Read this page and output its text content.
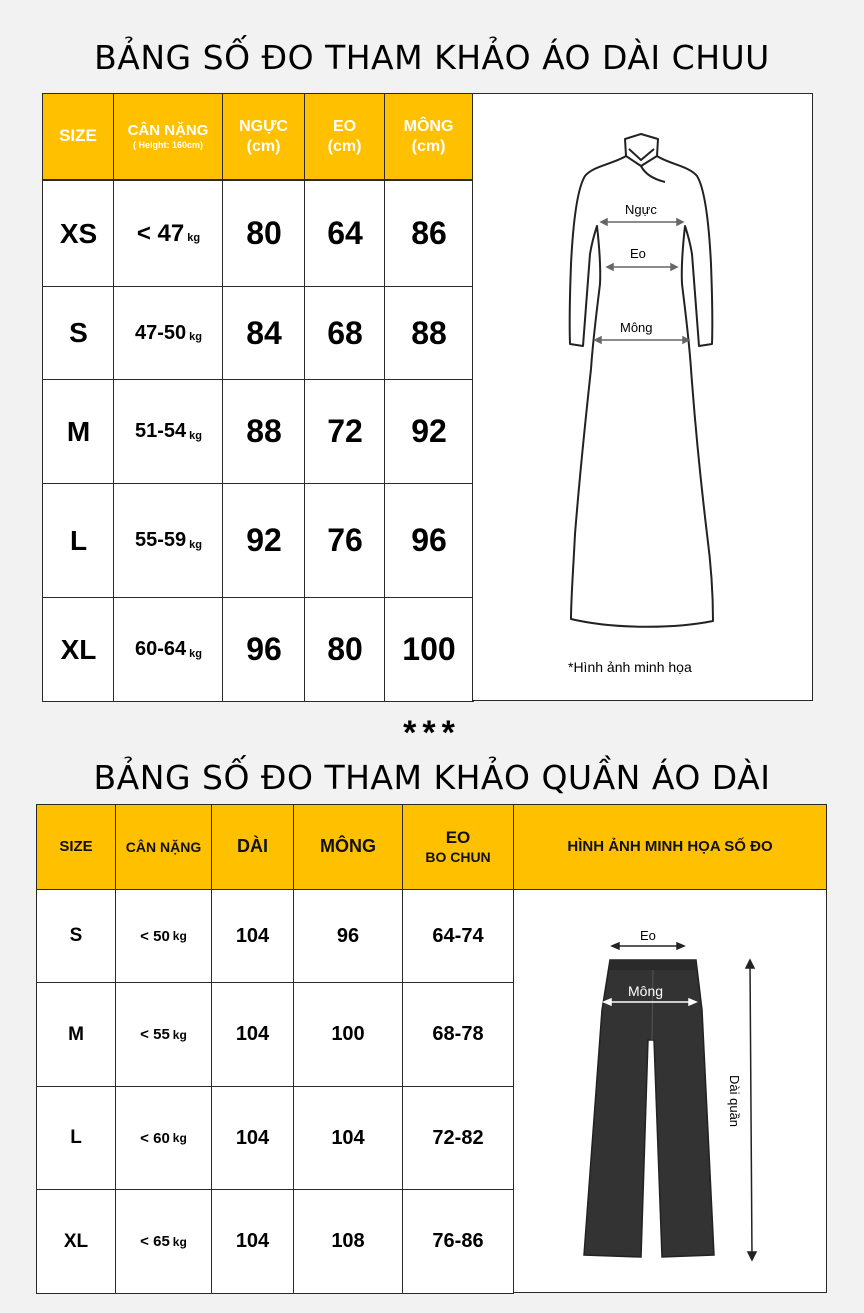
BẢNG SỐ ĐO THAM KHẢO ÁO DÀI CHUU
SIZE CÂN NẶNG
( Height: 160cm)
NGỰC
(cm)
EO
(cm)
MÔNG
(cm)
XS < 47 kg 80 64 86
S 47-50 kg 84 68 88
M 51-54 kg 88 72 92
L 55-59 kg 92 76 96
XL 60-64 kg 96 80 100
Ngực
Eo
Mông
*Hình ảnh minh họa
***
BẢNG SỐ ĐO THAM KHẢO QUẦN ÁO DÀI
SIZE CÂN NẶNG DÀI	MÔNG	EO
BO CHUN
HÌNH ẢNH MINH HỌA SỐ ĐO
S	< 50 kg 104	96	64-74
M	< 55 kg 104	100	68-78
L	< 60 kg 104	104	72-82
XL	< 65 kg 104	108	76-86
Eo
Mông
Dài quần
